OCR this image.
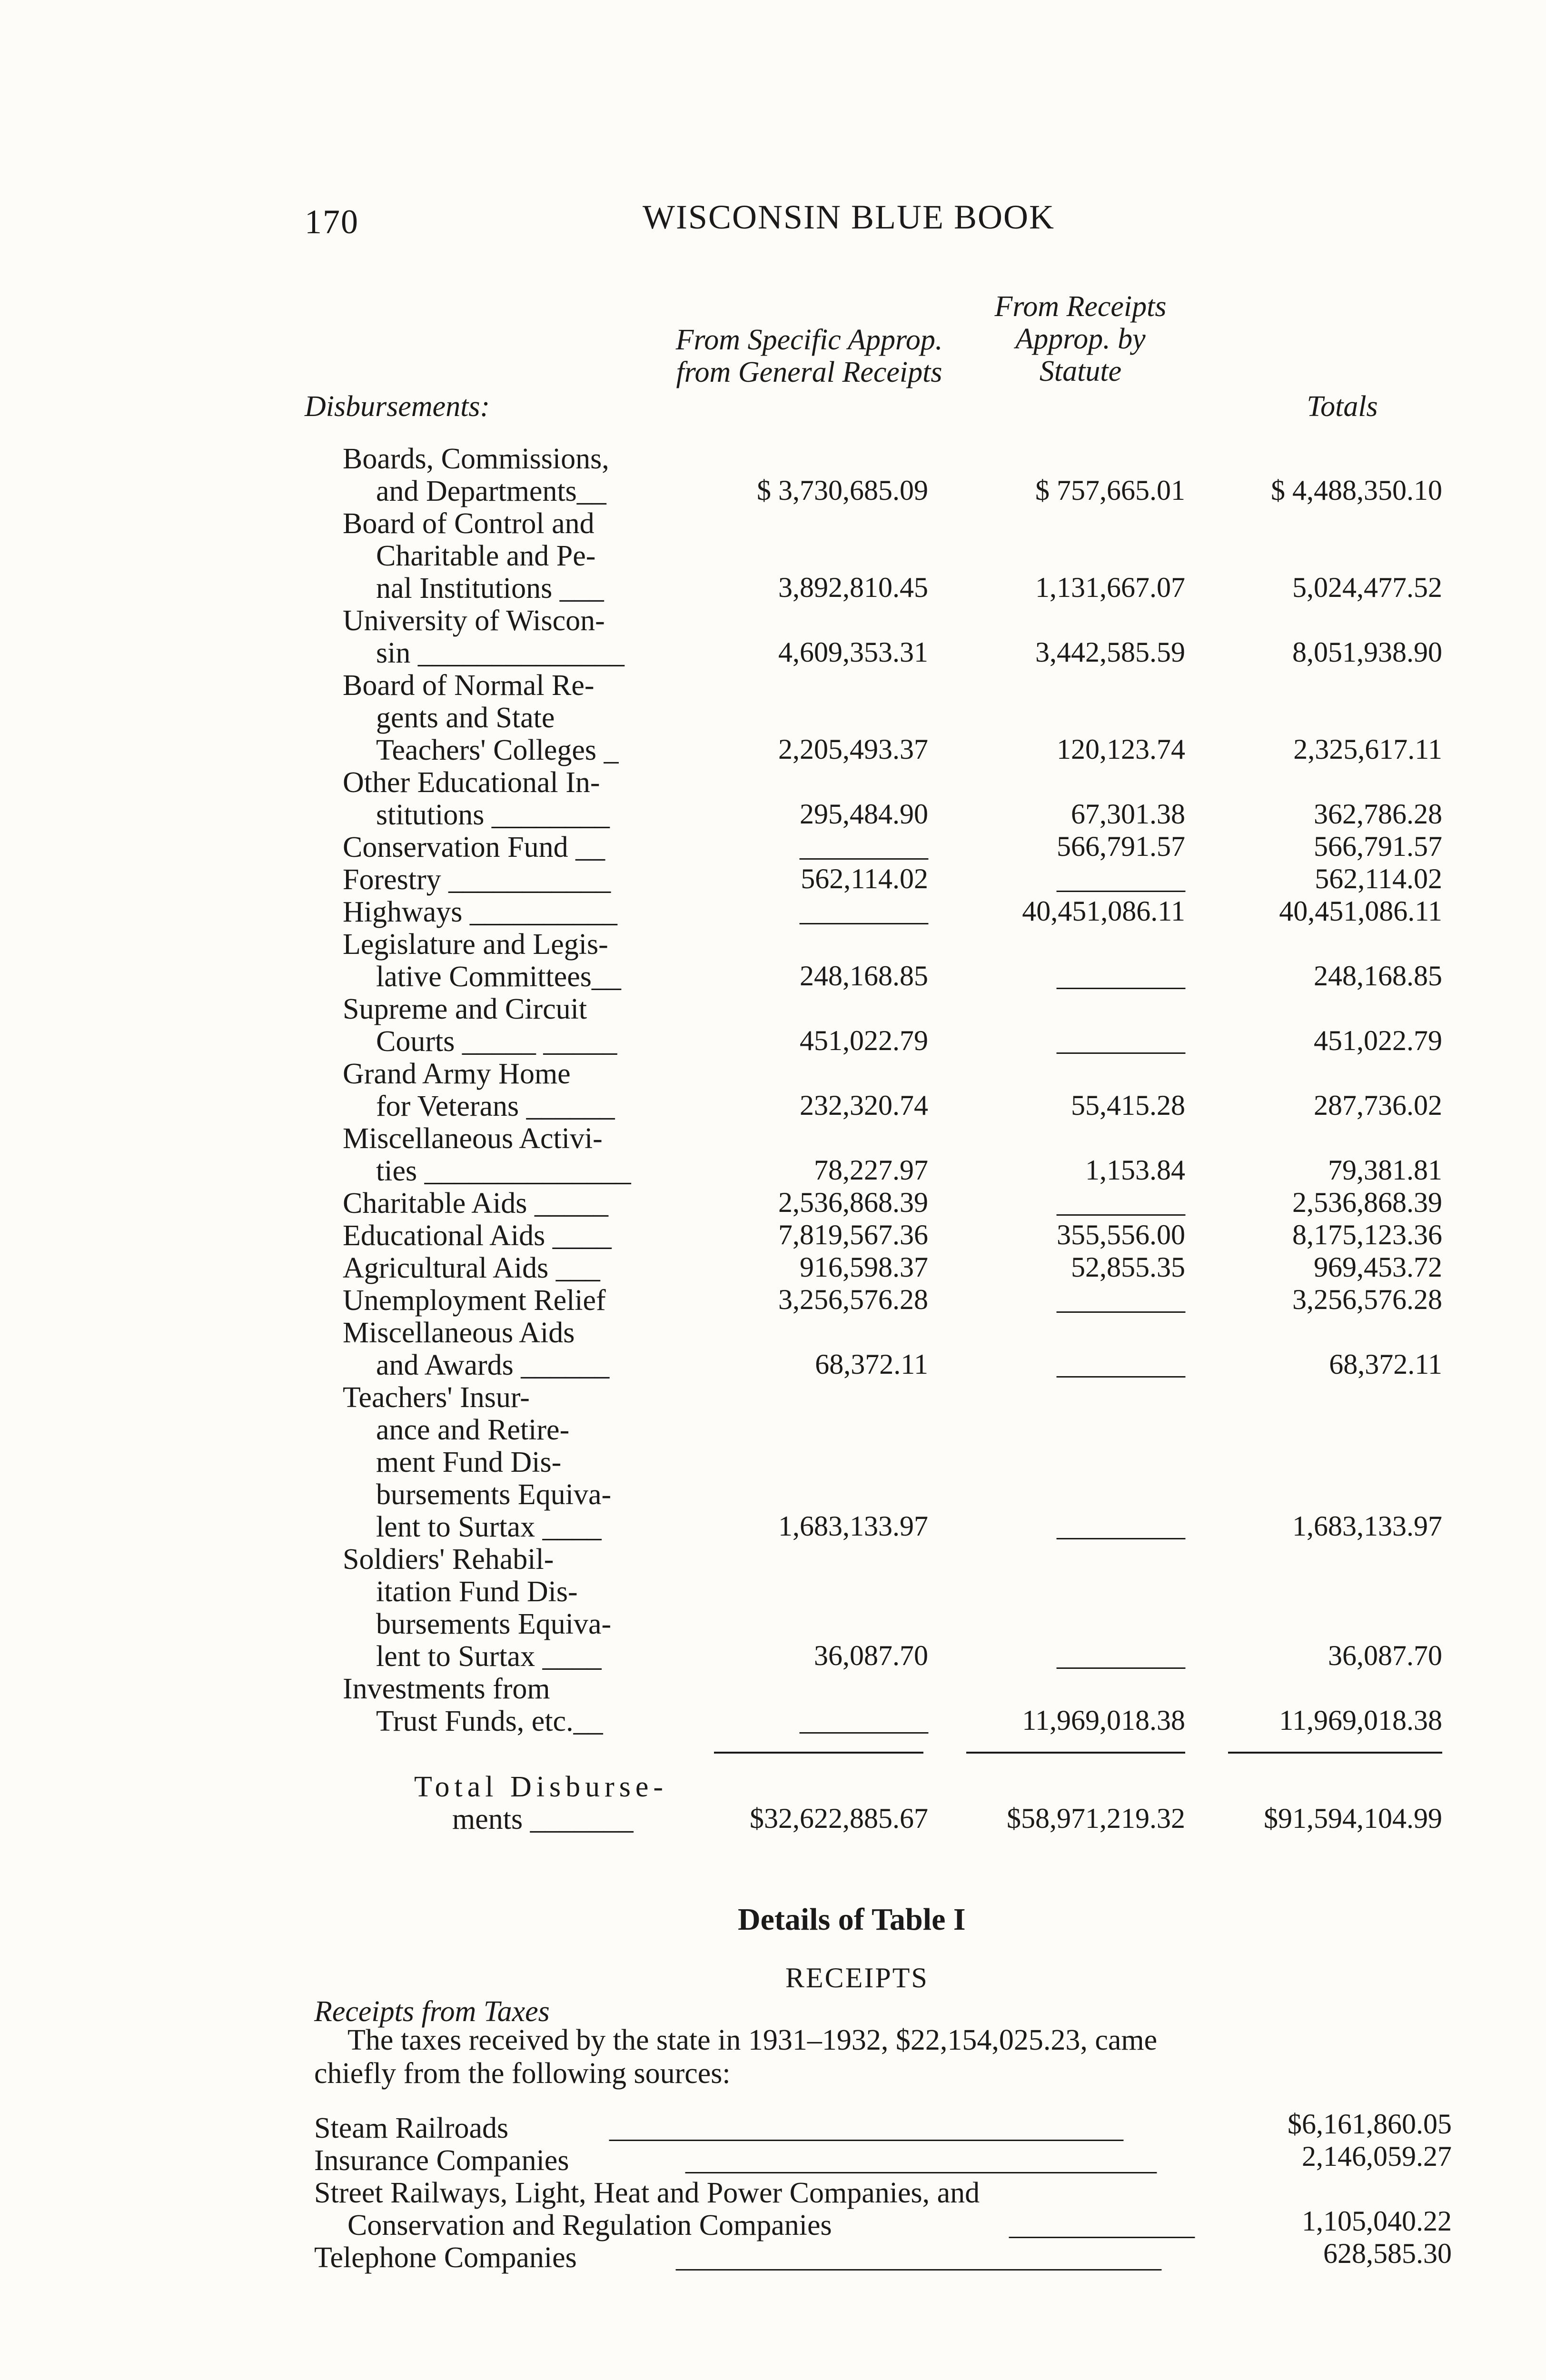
170	WISCONSIN BLUE BOOK
Disbursements:
From Specific Approp. from General Receipts
From Receipts Approp. by Statute
Totals
Boards, Commissions,
and Departments__	$ 3,730,685.09	$ 757,665.01	$ 4,488,350.10
Board of Control and
Charitable and Pe-
nal Institutions ___	3,892,810.45	1,131,667.07	5,024,477.52
University of Wiscon-
sin ______________	4,609,353.31	3,442,585.59	8,051,938.90
Board of Normal Re-
gents and State
Teachers' Colleges _	2,205,493.37	120,123.74	2,325,617.11
Other Educational In-
stitutions ________	295,484.90	67,301.38	362,786.28
Conservation Fund __	_________	566,791.57	566,791.57
Forestry ___________	562,114.02	_________	562,114.02
Highways __________	_________	40,451,086.11	40,451,086.11
Legislature and Legis-
lative Committees__	248,168.85	_________	248,168.85
Supreme and Circuit
Courts _____ _____	451,022.79	_________	451,022.79
Grand Army Home
for Veterans ______	232,320.74	55,415.28	287,736.02
Miscellaneous Activi-
ties ______________	78,227.97	1,153.84	79,381.81
Charitable Aids _____	2,536,868.39	_________	2,536,868.39
Educational Aids ____	7,819,567.36	355,556.00	8,175,123.36
Agricultural Aids ___	916,598.37	52,855.35	969,453.72
Unemployment Relief	3,256,576.28	_________	3,256,576.28
Miscellaneous Aids
and Awards ______	68,372.11	_________	68,372.11
Teachers' Insur-
ance and Retire-
ment Fund Dis-
bursements Equiva-
lent to Surtax ____	1,683,133.97	_________	1,683,133.97
Soldiers' Rehabil-
itation Fund Dis-
bursements Equiva-
lent to Surtax ____	36,087.70	_________	36,087.70
Investments from
Trust Funds, etc.__	_________	11,969,018.38	11,969,018.38
Total Disburse-
ments _______	$32,622,885.67	$58,971,219.32	$91,594,104.99
Details of Table I
RECEIPTS
Receipts from Taxes
The taxes received by the state in 1931–1932, $22,154,025.23, came
chiefly from the following sources:
Steam Railroads	____________________________________	$6,161,860.05
Insurance Companies	_________________________________	2,146,059.27
Street Railways, Light, Heat and Power Companies, and
Conservation and Regulation Companies	_____________	1,105,040.22
Telephone Companies	__________________________________	628,585.30
